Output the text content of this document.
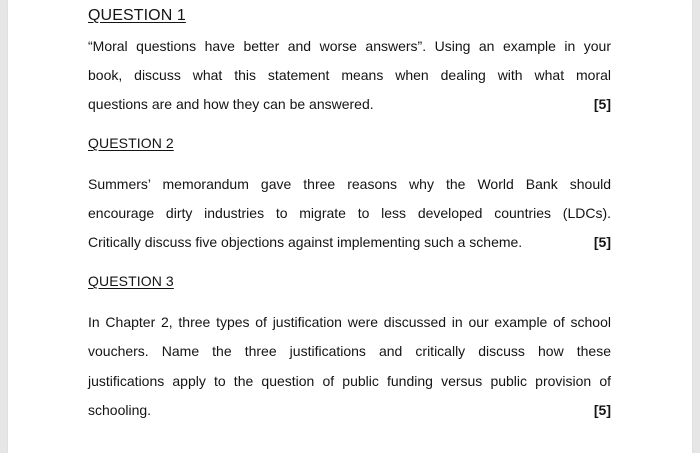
QUESTION 1
“Moral questions have better and worse answers”. Using an example in your
book, discuss what this statement means when dealing with what moral
questions are and how they can be answered.	[5]
QUESTION 2
Summers’ memorandum gave three reasons why the World Bank should
encourage dirty industries to migrate to less developed countries (LDCs).
Critically discuss five objections against implementing such a scheme.	[5]
QUESTION 3
In Chapter 2, three types of justification were discussed in our example of school
vouchers. Name the three justifications and critically discuss how these
justifications apply to the question of public funding versus public provision of
schooling.	[5]
